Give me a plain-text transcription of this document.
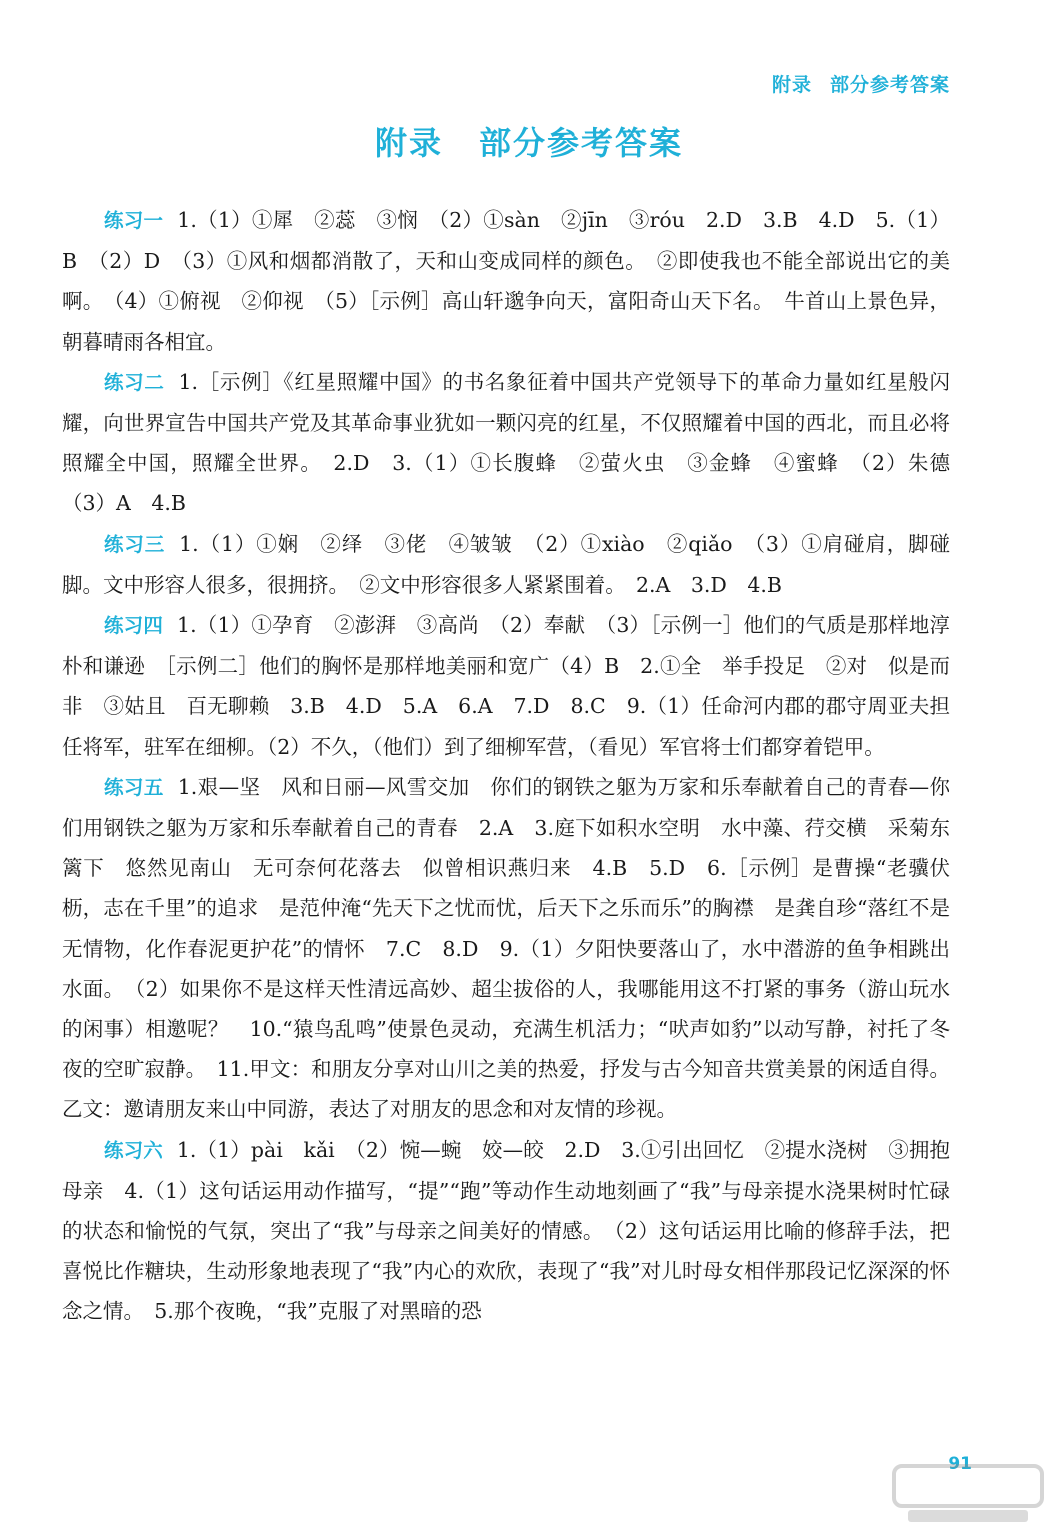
附录 部分参考答案
附录 部分参考答案

练习一 1.（1）①犀　②蕊　③悯　（2）①sàn　②jīn　③róu　2.D　3.B　4.D　5.（1）B　（2）D　（3）①风和烟都消散了，天和山变成同样的颜色。　②即使我也不能全部说出它的美啊。　（4）①俯视　②仰视　（5）［示例］高山轩邈争向天，富阳奇山天下名。　牛首山上景色异，朝暮晴雨各相宜。

练习二 1.［示例］《红星照耀中国》的书名象征着中国共产党领导下的革命力量如红星般闪耀，向世界宣告中国共产党及其革命事业犹如一颗闪亮的红星，不仅照耀着中国的西北，而且必将照耀全中国，照耀全世界。　2.D　3.（1）①长腹蜂　②萤火虫　③金蜂　④蜜蜂　（2）朱德　（3）A　4.B

练习三 1.（1）①娴　②绎　③佬　④皱皱　（2）①xiào　②qiǎo　（3）①肩碰肩，脚碰脚。文中形容人很多，很拥挤。　②文中形容很多人紧紧围着。　2.A　3.D　4.B

练习四 1.（1）①孕育　②澎湃　③高尚　（2）奉献　（3）［示例一］他们的气质是那样地淳朴和谦逊　［示例二］他们的胸怀是那样地美丽和宽广（4）B　2.①全　举手投足　②对　似是而非　③姑且　百无聊赖　3.B　4.D　5.A　6.A　7.D　8.C　9.（1）任命河内郡的郡守周亚夫担任将军，驻军在细柳。（2）不久，（他们）到了细柳军营，（看见）军官将士们都穿着铠甲。

练习五 1.艰—坚　风和日丽—风雪交加　你们的钢铁之躯为万家和乐奉献着自己的青春—你们用钢铁之躯为万家和乐奉献着自己的青春　2.A　3.庭下如积水空明　水中藻、荇交横　采菊东篱下　悠然见南山　无可奈何花落去　似曾相识燕归来　4.B　5.D　6.［示例］是曹操“老骥伏枥，志在千里”的追求　是范仲淹“先天下之忧而忧，后天下之乐而乐”的胸襟　是龚自珍“落红不是无情物，化作春泥更护花”的情怀　7.C　8.D　9.（1）夕阳快要落山了，水中潜游的鱼争相跳出水面。　（2）如果你不是这样天性清远高妙、超尘拔俗的人，我哪能用这不打紧的事务（游山玩水的闲事）相邀呢？　10.“猿鸟乱鸣”使景色灵动，充满生机活力；“吠声如豹”以动写静，衬托了冬夜的空旷寂静。　11.甲文：和朋友分享对山川之美的热爱，抒发与古今知音共赏美景的闲适自得。乙文：邀请朋友来山中同游，表达了对朋友的思念和对友情的珍视。

练习六 1.（1）pài　kǎi　（2）惋—蜿　姣—皎　2.D　3.①引出回忆　②提水浇树　③拥抱母亲　4.（1）这句话运用动作描写，“提”“跑”等动作生动地刻画了“我”与母亲提水浇果树时忙碌的状态和愉悦的气氛，突出了“我”与母亲之间美好的情感。　（2）这句话运用比喻的修辞手法，把喜悦比作糖块，生动形象地表现了“我”内心的欢欣，表现了“我”对儿时母女相伴那段记忆深深的怀念之情。　5.那个夜晚，“我”克服了对黑暗的恐

91
